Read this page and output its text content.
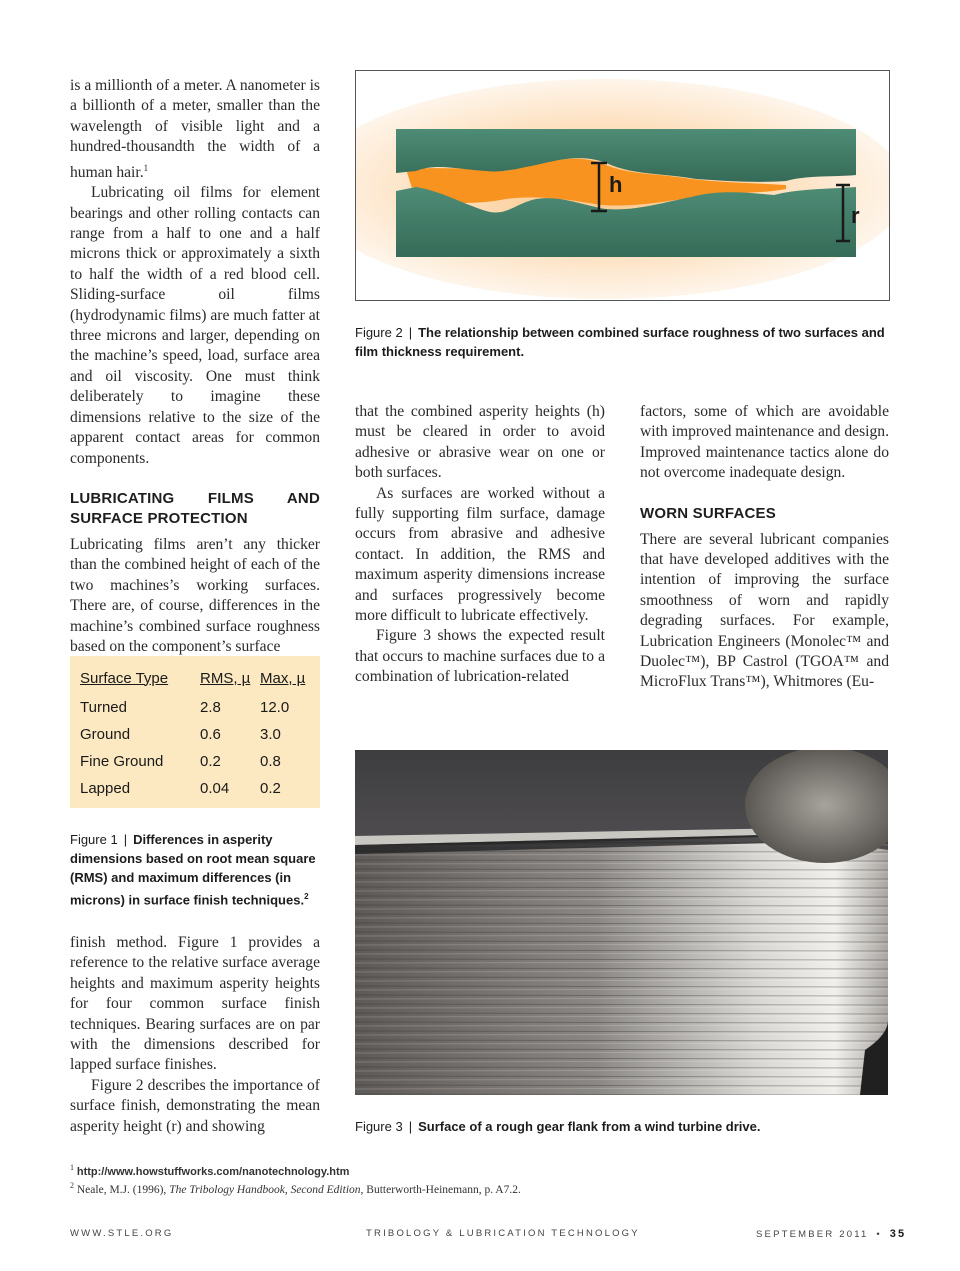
is a millionth of a meter. A nanometer is a billionth of a meter, smaller than the wavelength of visible light and a hundred-thousandth the width of a human hair.$^1$

Lubricating oil films for element bearings and other rolling contacts can range from a half to one and a half microns thick or approximately a sixth to half the width of a red blood cell. Sliding-surface oil films (hydrodynamic films) are much fatter at three microns and larger, depending on the machine’s speed, load, surface area and oil viscosity. One must think deliberately to imagine these dimensions relative to the size of the apparent contact areas for common components.

LUBRICATING FILMS AND SURFACE PROTECTION

Lubricating films aren’t any thicker than the combined height of each of the two machines’s working surfaces. There are, of course, differences in the machine’s combined surface roughness based on the component’s surface

Surface Type	RMS, µ	Max, µ
Turned	2.8	12.0
Ground	0.6	3.0
Fine Ground	0.2	0.8
Lapped	0.04	0.2
Figure 1 | Differences in asperity dimensions based on root mean square (RMS) and maximum differences (in microns) in surface finish techniques.$^2$

finish method. Figure 1 provides a reference to the relative surface average heights and maximum asperity heights for four common surface finish techniques. Bearing surfaces are on par with the dimensions described for lapped surface finishes.

Figure 2 describes the importance of surface finish, demonstrating the mean asperity height (r) and showing

h
r
Figure 2 | The relationship between combined surface roughness of two surfaces and film thickness requirement.

that the combined asperity heights (h) must be cleared in order to avoid adhesive or abrasive wear on one or both surfaces.

As surfaces are worked without a fully supporting film surface, damage occurs from abrasive and adhesive contact. In addition, the RMS and maximum asperity dimensions increase and surfaces progressively become more difficult to lubricate effectively.

Figure 3 shows the expected result that occurs to machine surfaces due to a combination of lubrication-related

factors, some of which are avoidable with improved maintenance and design. Improved maintenance tactics alone do not overcome inadequate design.

WORN SURFACES

There are several lubricant companies that have developed additives with the intention of improving the surface smoothness of worn and rapidly degrading surfaces. For example, Lubrication Engineers (Monolec™ and Duolec™), BP Castrol (TGOA™ and MicroFlux Trans™), Whitmores (Eu-

Figure 3 | Surface of a rough gear flank from a wind turbine drive.
$^1$ http://www.howstuffworks.com/nanotechnology.htm
$^2$ Neale, M.J. (1996), The Tribology Handbook, Second Edition, Butterworth-Heinemann, p. A7.2.
WWW.STLE.ORG	TRIBOLOGY & LUBRICATION TECHNOLOGY	SEPTEMBER 2011 • 35
